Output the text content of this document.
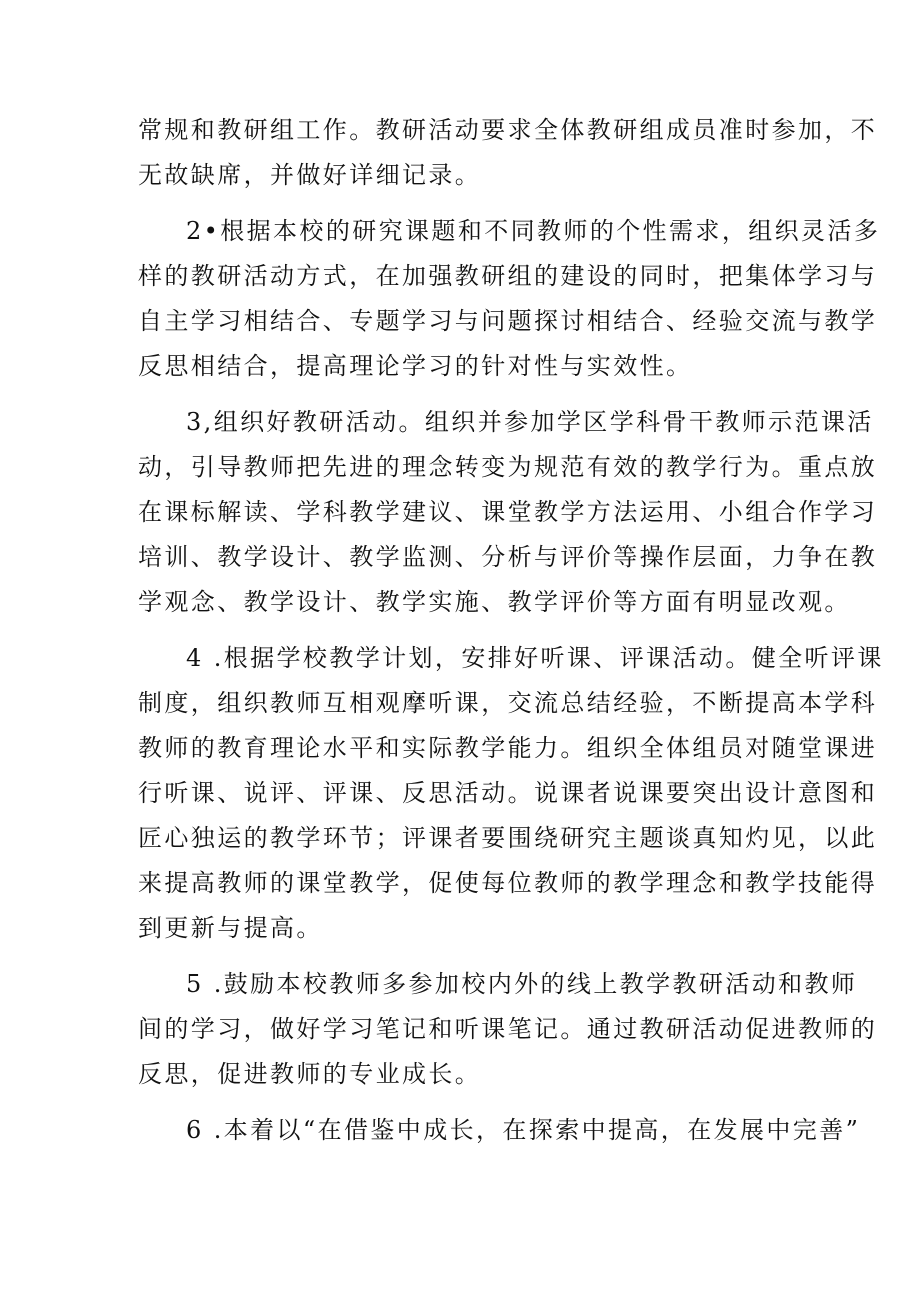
常规和教研组工作。教研活动要求全体教研组成员准时参加，不
无故缺席，并做好详细记录。

2•根据本校的研究课题和不同教师的个性需求，组织灵活多
样的教研活动方式，在加强教研组的建设的同时，把集体学习与
自主学习相结合、专题学习与问题探讨相结合、经验交流与教学
反思相结合，提高理论学习的针对性与实效性。

3,组织好教研活动。组织并参加学区学科骨干教师示范课活
动，引导教师把先进的理念转变为规范有效的教学行为。重点放
在课标解读、学科教学建议、课堂教学方法运用、小组合作学习
培训、教学设计、教学监测、分析与评价等操作层面，力争在教
学观念、教学设计、教学实施、教学评价等方面有明显改观。

4 .根据学校教学计划，安排好听课、评课活动。健全听评课
制度，组织教师互相观摩听课，交流总结经验，不断提高本学科
教师的教育理论水平和实际教学能力。组织全体组员对随堂课进
行听课、说评、评课、反思活动。说课者说课要突出设计意图和
匠心独运的教学环节；评课者要围绕研究主题谈真知灼见，以此
来提高教师的课堂教学，促使每位教师的教学理念和教学技能得
到更新与提高。

5 .鼓励本校教师多参加校内外的线上教学教研活动和教师
间的学习，做好学习笔记和听课笔记。通过教研活动促进教师的
反思，促进教师的专业成长。

6 .本着以“在借鉴中成长，在探索中提高，在发展中完善”
